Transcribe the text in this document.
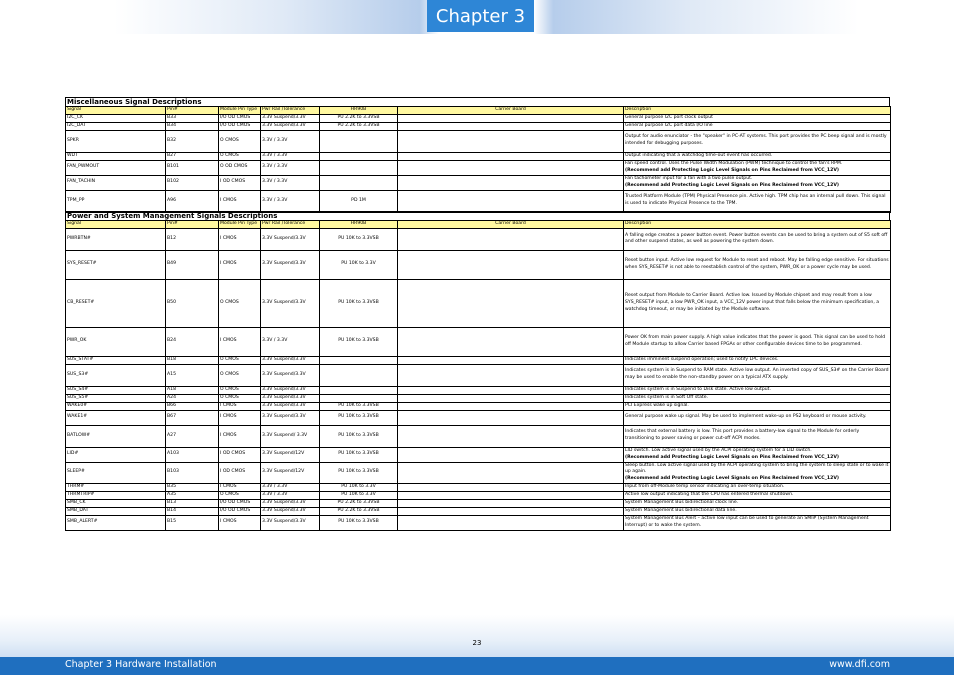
Chapter 3
Miscellaneous Signal Descriptions
Signal	Pin#	Module Pin Type	Pwr Rail /Tolerance	HR90B	Carrier Board	Description
I2C_CK	B33	I/O OD CMOS	3.3V Suspend/3.3V	PU 2.2K to 3.3VSB		General purpose I2C port clock output
I2C_DAT	B34	I/O OD CMOS	3.3V Suspend/3.3V	PU 2.2K to 3.3VSB		General purpose I2C port data I/O line
SPKR	B32	O CMOS	3.3V / 3.3V			Output for audio enunciator - the "speaker" in PC-AT systems. This port provides the PC beep signal and is mostly intended for debugging purposes.
WDT	B27	O CMOS	3.3V / 3.3V			Output indicating that a watchdog time-out event has occurred.
FAN_PWMOUT	B101	O OD CMOS	3.3V / 3.3V			Fan speed control. Uses the Pulse Width Modulation (PWM) technique to control the fan's RPM.
(Recommend add Protecting Logic Level Signals on Pins Reclaimed from VCC_12V)

FAN_TACHIN	B102	I OD CMOS	3.3V / 3.3V			Fan tachometer input for a fan with a two pulse output.
(Recommend add Protecting Logic Level Signals on Pins Reclaimed from VCC_12V)

TPM_PP	A96	I CMOS	3.3V / 3.3V	PD 1M		Trusted Platform Module (TPM) Physical Presence pin. Active high. TPM chip has an internal pull down. This signal is used to indicate Physical Presence to the TPM.
Power and System Management Signals Descriptions
Signal	Pin#	Module Pin Type	Pwr Rail /Tolerance	HR90B	Carrier Board	Description
PWRBTN#	B12	I CMOS	3.3V Suspend/3.3V	PU 10K to 3.3VSB		A falling edge creates a power button event. Power button events can be used to bring a system out of S5 soft off and other suspend states, as well as powering the system down.
SYS_RESET#	B49	I CMOS	3.3V Suspend/3.3V	PU 10K to 3.3V		Reset button input. Active low request for Module to reset and reboot. May be falling edge sensitive. For situations when SYS_RESET# is not able to reestablish control of the system, PWR_OK or a power cycle may be used.
CB_RESET#	B50	O CMOS	3.3V Suspend/3.3V	PU 10K to 3.3VSB		Reset output from Module to Carrier Board. Active low. Issued by Module chipset and may result from a low SYS_RESET# input, a low PWR_OK input, a VCC_12V power input that falls below the minimum specification, a watchdog timeout, or may be initiated by the Module software.
PWR_OK	B24	I CMOS	3.3V / 3.3V	PU 10K to 3.3VSB		Power OK from main power supply. A high value indicates that the power is good. This signal can be used to hold off Module startup to allow Carrier based FPGAs or other configurable devices time to be programmed.
SUS_STAT#	B18	O CMOS	3.3V Suspend/3.3V			Indicates imminent suspend operation; used to notify LPC devices.
SUS_S3#	A15	O CMOS	3.3V Suspend/3.3V			Indicates system is in Suspend to RAM state. Active low output. An inverted copy of SUS_S3# on the Carrier Board may be used to enable the non-standby power on a typical ATX supply.
SUS_S4#	A18	O CMOS	3.3V Suspend/3.3V			Indicates system is in Suspend to Disk state. Active low output.
SUS_S5#	A24	O CMOS	3.3V Suspend/3.3V			Indicates system is in Soft Off state.
WAKE0#	B66	I CMOS	3.3V Suspend/3.3V	PU 10K to 3.3VSB		PCI Express wake up signal.
WAKE1#	B67	I CMOS	3.3V Suspend/3.3V	PU 10K to 3.3VSB		General purpose wake up signal. May be used to implement wake-up on PS2 keyboard or mouse activity.
BATLOW#	A27	I CMOS	3.3V Suspend/ 3.3V	PU 10K to 3.3VSB		Indicates that external battery is low. This port provides a battery-low signal to the Module for orderly transitioning to power saving or power cut-off ACPI modes.
LID#	A103	I OD CMOS	3.3V Suspend/12V	PU 10K to 3.3VSB		LID switch. Low active signal used by the ACPI operating system for a LID switch.
(Recommend add Protecting Logic Level Signals on Pins Reclaimed from VCC_12V)

SLEEP#	B103	I OD CMOS	3.3V Suspend/12V	PU 10K to 3.3VSB		Sleep button. Low active signal used by the ACPI operating system to bring the system to sleep state or to wake it up again.
(Recommend add Protecting Logic Level Signals on Pins Reclaimed from VCC_12V)

THRM#	B35	I CMOS	3.3V / 3.3V	PU 10K to 3.3V		Input from off-Module temp sensor indicating an over-temp situation.
THRMTRIP#	A35	O CMOS	3.3V / 3.3V	PU 10K to 3.3V		Active low output indicating that the CPU has entered thermal shutdown.
SMB_CK	B13	I/O OD CMOS	3.3V Suspend/3.3V	PU 2.2K to 3.3VSB		System Management Bus bidirectional clock line.
SMB_DAT	B14	I/O OD CMOS	3.3V Suspend/3.3V	PU 2.2K to 3.3VSB		System Management Bus bidirectional data line.
SMB_ALERT#	B15	I CMOS	3.3V Suspend/3.3V	PU 10K to 3.3VSB		System Management Bus Alert – active low input can be used to generate an SMI# (System Management Interrupt) or to wake the system.
23
Chapter 3 Hardware Installation	www.dfi.com
